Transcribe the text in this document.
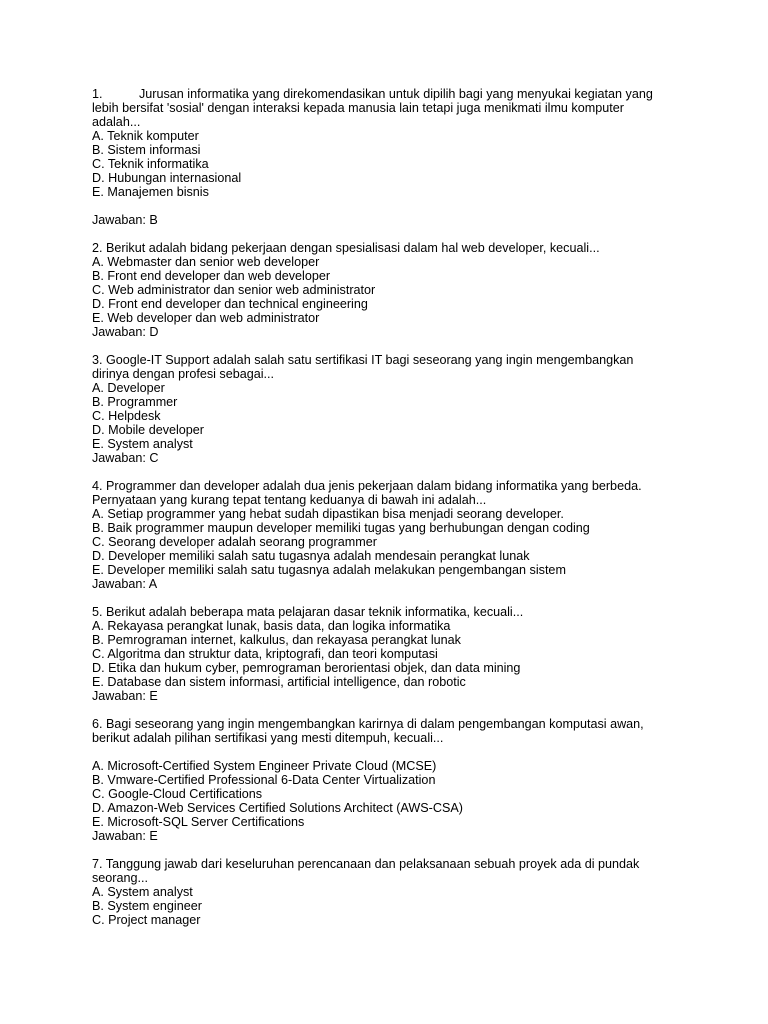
1.	Jurusan informatika yang direkomendasikan untuk dipilih bagi yang menyukai kegiatan yang lebih bersifat 'sosial' dengan interaksi kepada manusia lain tetapi juga menikmati ilmu komputer adalah...
A. Teknik komputer
B. Sistem informasi
C. Teknik informatika
D. Hubungan internasional
E. Manajemen bisnis
Jawaban: B
2. Berikut adalah bidang pekerjaan dengan spesialisasi dalam hal web developer, kecuali...
A. Webmaster dan senior web developer
B. Front end developer dan web developer
C. Web administrator dan senior web administrator
D. Front end developer dan technical engineering
E. Web developer dan web administrator
Jawaban: D
3. Google-IT Support adalah salah satu sertifikasi IT bagi seseorang yang ingin mengembangkan dirinya dengan profesi sebagai...
A. Developer
B. Programmer
C. Helpdesk
D. Mobile developer
E. System analyst
Jawaban: C
4. Programmer dan developer adalah dua jenis pekerjaan dalam bidang informatika yang berbeda. Pernyataan yang kurang tepat tentang keduanya di bawah ini adalah...
A. Setiap programmer yang hebat sudah dipastikan bisa menjadi seorang developer.
B. Baik programmer maupun developer memiliki tugas yang berhubungan dengan coding
C. Seorang developer adalah seorang programmer
D. Developer memiliki salah satu tugasnya adalah mendesain perangkat lunak
E. Developer memiliki salah satu tugasnya adalah melakukan pengembangan sistem
Jawaban: A
5. Berikut adalah beberapa mata pelajaran dasar teknik informatika, kecuali...
A. Rekayasa perangkat lunak, basis data, dan logika informatika
B. Pemrograman internet, kalkulus, dan rekayasa perangkat lunak
C. Algoritma dan struktur data, kriptografi, dan teori komputasi
D. Etika dan hukum cyber, pemrograman berorientasi objek, dan data mining
E. Database dan sistem informasi, artificial intelligence, dan robotic
Jawaban: E
6. Bagi seseorang yang ingin mengembangkan karirnya di dalam pengembangan komputasi awan, berikut adalah pilihan sertifikasi yang mesti ditempuh, kecuali...
A. Microsoft-Certified System Engineer Private Cloud (MCSE)
B. Vmware-Certified Professional 6-Data Center Virtualization
C. Google-Cloud Certifications
D. Amazon-Web Services Certified Solutions Architect (AWS-CSA)
E. Microsoft-SQL Server Certifications
Jawaban: E
7. Tanggung jawab dari keseluruhan perencanaan dan pelaksanaan sebuah proyek ada di pundak seorang...
A. System analyst
B. System engineer
C. Project manager
